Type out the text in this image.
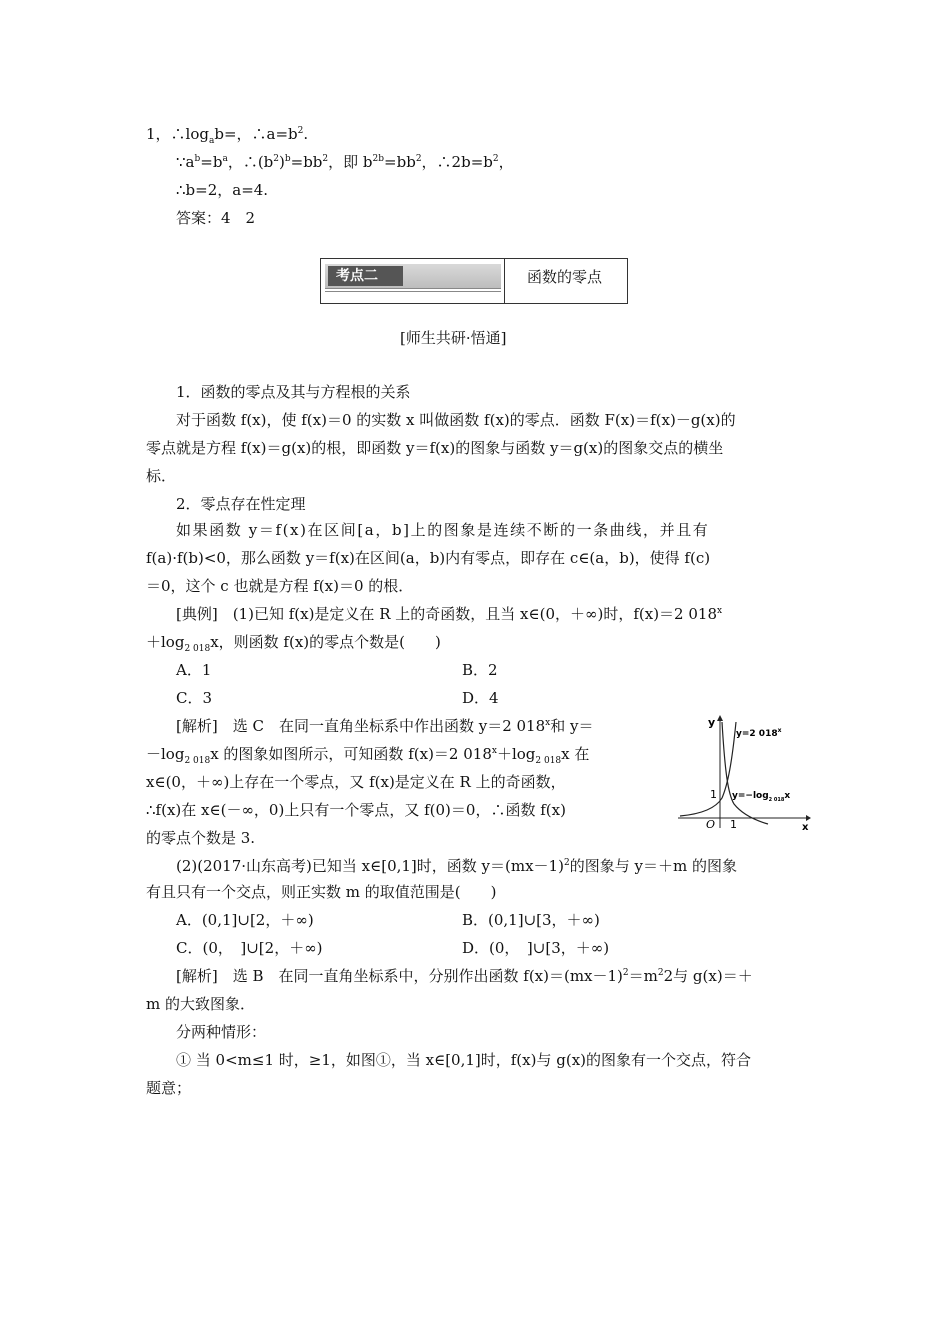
1，$\therefore\log_ab=$，$\therefore a=b^2$.
$\because a^b=b^a$，$\therefore(b^2)^b=bb^2$，即 $b^{2b}=bb^2$，$\therefore 2b=b^2$，
∴b=2，a=4.
答案：4　2
考点二	函数的零点
[师生共研·悟通]
1．函数的零点及其与方程根的关系
对于函数 f(x)，使 f(x)＝0 的实数 x 叫做函数 f(x)的零点．函数 F(x)＝f(x)－g(x)的
零点就是方程 f(x)＝g(x)的根，即函数 y＝f(x)的图象与函数 y＝g(x)的图象交点的横坐
标．
2．零点存在性定理
如果函数 y＝f(x)在区间[a，b]上的图象是连续不断的一条曲线，并且有
f(a)·f(b)<0，那么函数 y＝f(x)在区间(a，b)内有零点，即存在 c∈(a，b)，使得 f(c)
＝0，这个 c 也就是方程 f(x)＝0 的根．
[典例]　(1)已知 f(x)是定义在 R 上的奇函数，且当 x∈(0，＋∞)时，f(x)＝2 $018^x$
$+\log_{2 018}x$，则函数 f(x)的零点个数是(　　)
A．1	B．2
C．3	D．4
[解析]　选 C　在同一直角坐标系中作出函数 y＝2 018$^x$和 y＝
$-\log_{2 018}x$ 的图象如图所示，可知函数 f(x)＝2 $018^x+\log_{2 018}x$ 在
x∈(0，＋∞)上存在一个零点，又 f(x)是定义在 R 上的奇函数，
∴f(x)在 x∈(－∞，0)上只有一个零点，又 f(0)＝0，∴函数 f(x)
的零点个数是 3.
y
x
O
1
1
y=2 018$^x$
$y=-\log_{2 018}x$
(2)(2017·山东高考)已知当 x∈[0,1]时，函数 $y=(mx-1)^2$的图象与 y＝＋m 的图象
有且只有一个交点，则正实数 m 的取值范围是(　　)
A．(0,1]∪[2，＋∞)	B．(0,1]∪[3，＋∞)
C．(0，　]∪[2，＋∞)	D．(0，　]∪[3，＋∞)
[解析]　选 B　在同一直角坐标系中，分别作出函数 $f(x)=(mx-1)^2=m^22$与 g(x)＝＋
m 的大致图象．
分两种情形：
① 当 0<m≤1 时，≥1，如图①，当 x∈[0,1]时，f(x)与 g(x)的图象有一个交点，符合
题意；
